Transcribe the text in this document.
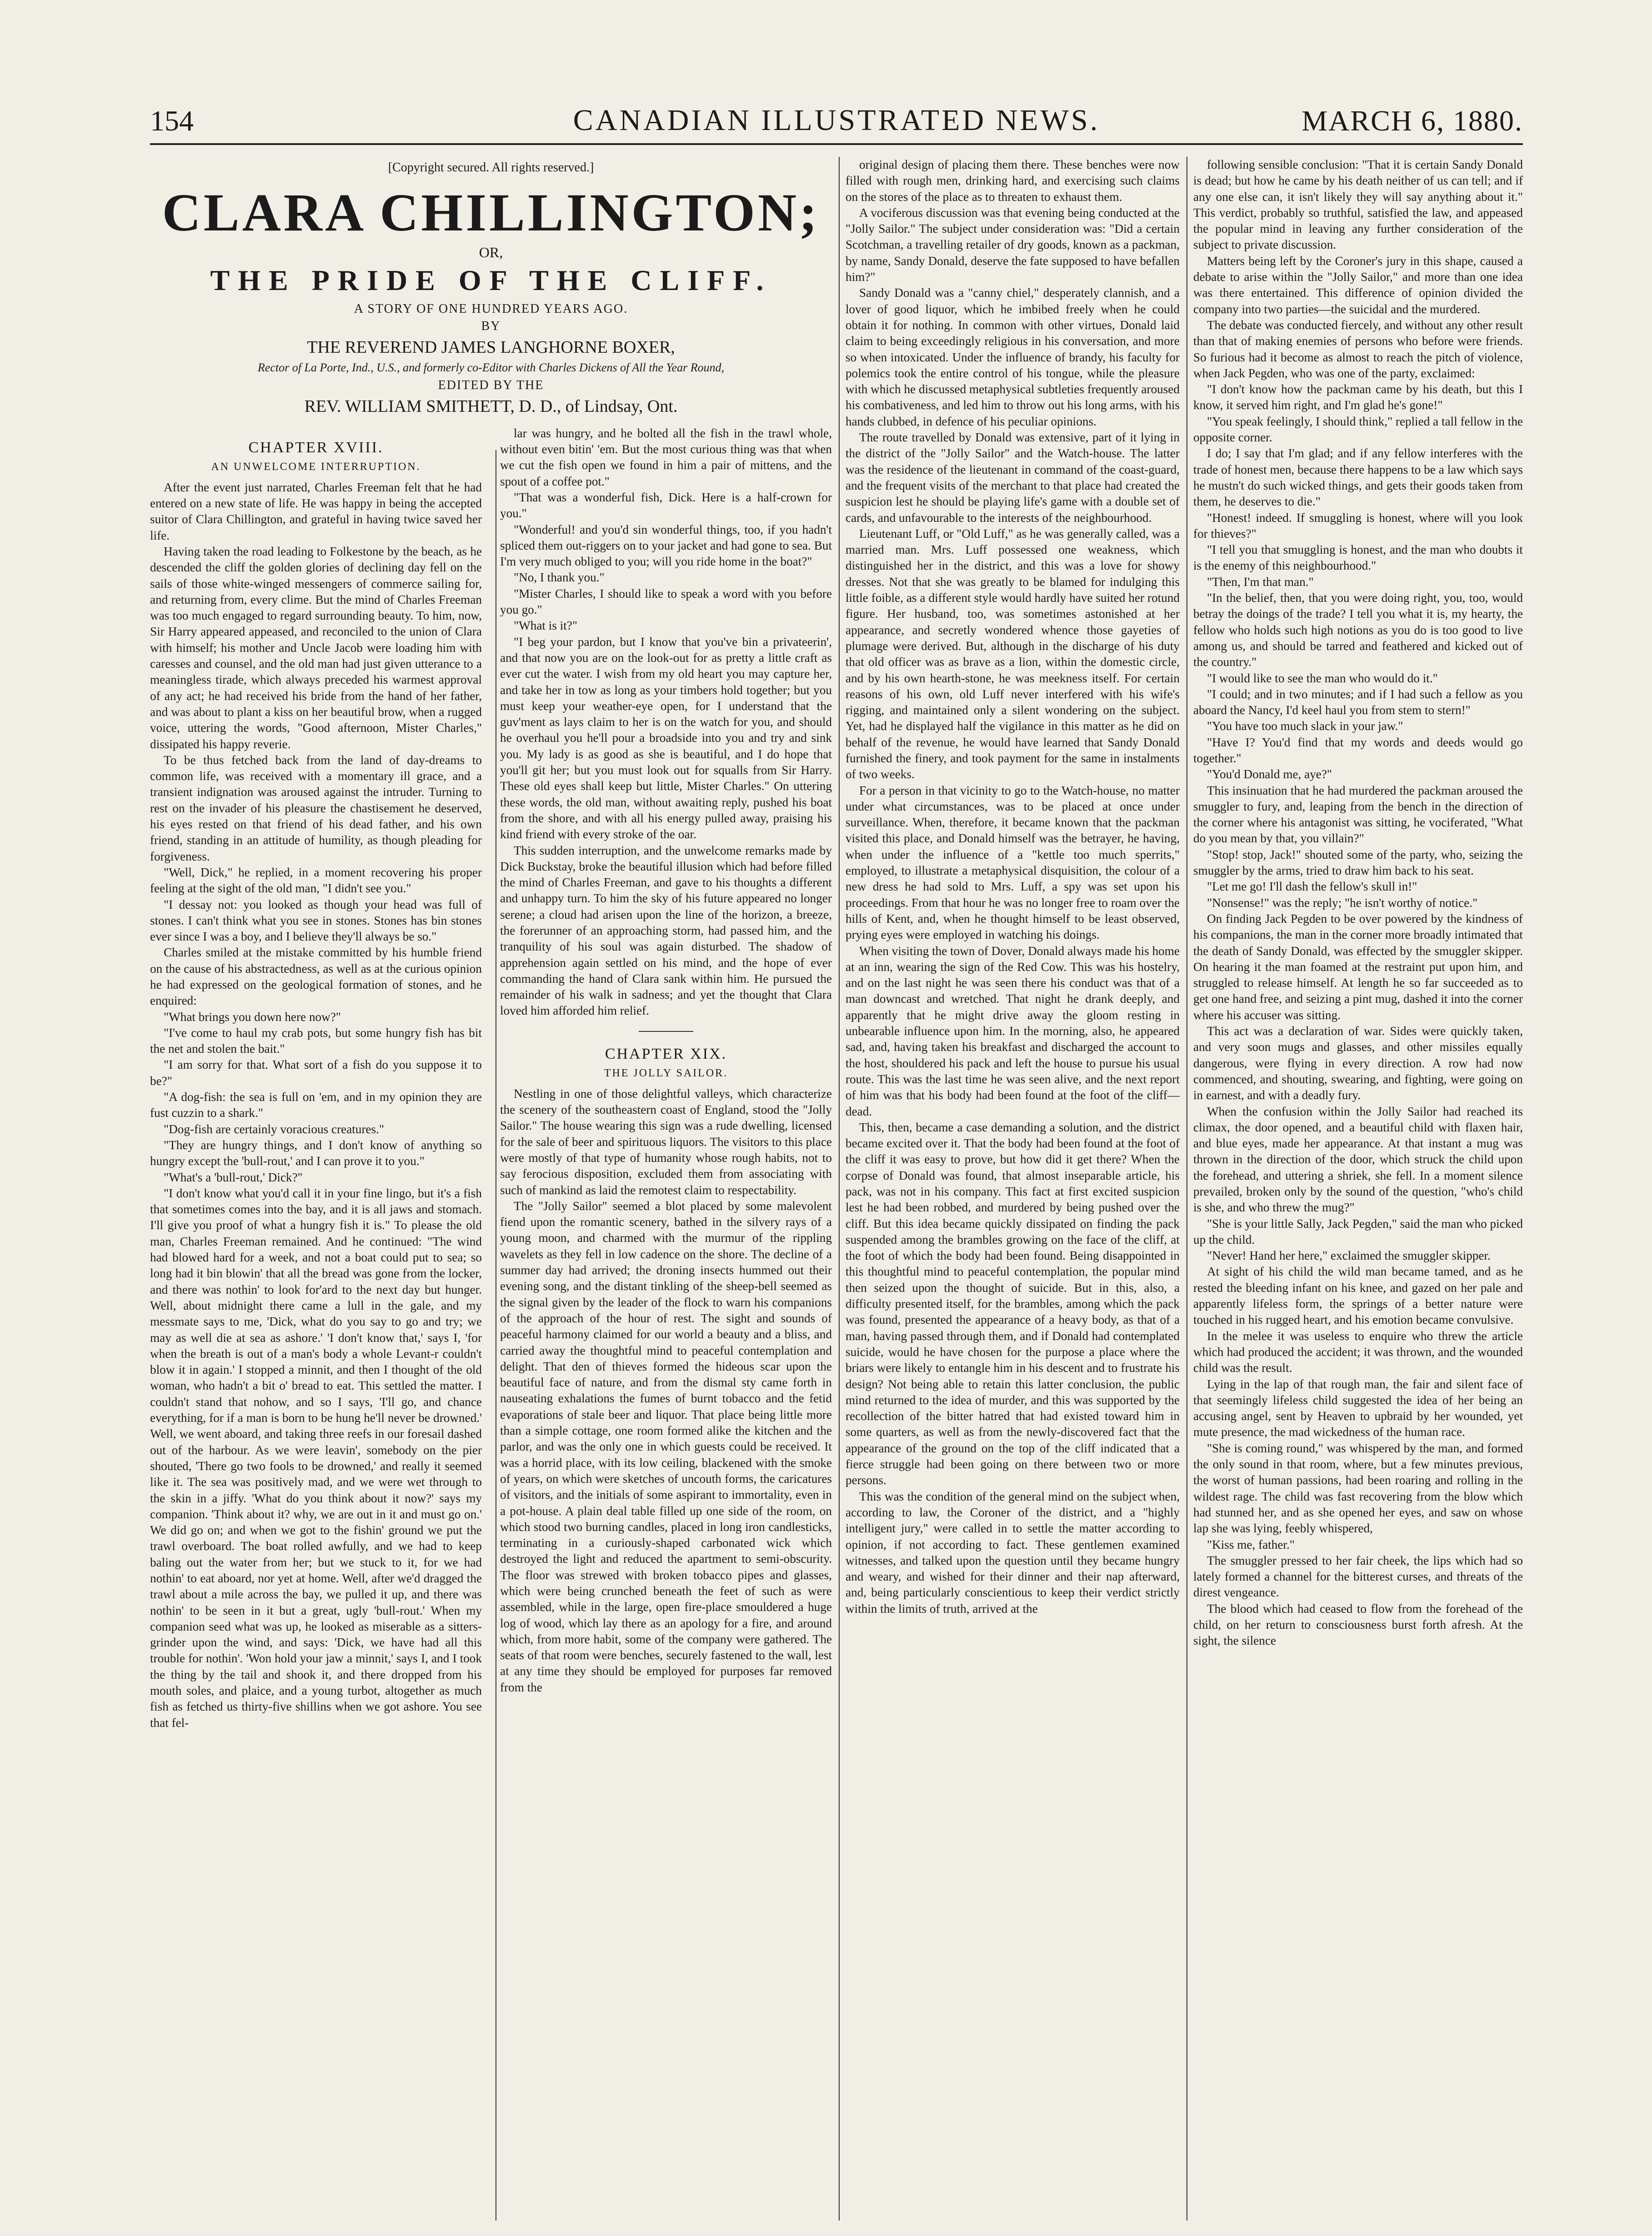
154	CANADIAN ILLUSTRATED NEWS.	MARCH 6, 1880.
[Copyright secured. All rights reserved.]
CLARA CHILLINGTON;
OR,
THE PRIDE OF THE CLIFF.
A STORY OF ONE HUNDRED YEARS AGO.
BY
THE REVEREND JAMES LANGHORNE BOXER,
Rector of La Porte, Ind., U.S., and formerly co-Editor with Charles Dickens of All the Year Round,
EDITED BY THE
REV. WILLIAM SMITHETT, D. D., of Lindsay, Ont.
CHAPTER XVIII.
AN UNWELCOME INTERRUPTION.

After the event just narrated, Charles Freeman felt that he had entered on a new state of life. He was happy in being the accepted suitor of Clara Chillington, and grateful in having twice saved her life.

Having taken the road leading to Folkestone by the beach, as he descended the cliff the golden glories of declining day fell on the sails of those white-winged messengers of commerce sailing for, and returning from, every clime. But the mind of Charles Freeman was too much engaged to regard surrounding beauty. To him, now, Sir Harry appeared appeased, and reconciled to the union of Clara with himself; his mother and Uncle Jacob were loading him with caresses and counsel, and the old man had just given utterance to a meaningless tirade, which always preceded his warmest approval of any act; he had received his bride from the hand of her father, and was about to plant a kiss on her beautiful brow, when a rugged voice, uttering the words, "Good afternoon, Mister Charles," dissipated his happy reverie.

To be thus fetched back from the land of day-dreams to common life, was received with a momentary ill grace, and a transient indignation was aroused against the intruder. Turning to rest on the invader of his pleasure the chastisement he deserved, his eyes rested on that friend of his dead father, and his own friend, standing in an attitude of humility, as though pleading for forgiveness.

"Well, Dick," he replied, in a moment recovering his proper feeling at the sight of the old man, "I didn't see you."

"I dessay not: you looked as though your head was full of stones. I can't think what you see in stones. Stones has bin stones ever since I was a boy, and I believe they'll always be so."

Charles smiled at the mistake committed by his humble friend on the cause of his abstractedness, as well as at the curious opinion he had expressed on the geological formation of stones, and he enquired:

"What brings you down here now?"

"I've come to haul my crab pots, but some hungry fish has bit the net and stolen the bait."

"I am sorry for that. What sort of a fish do you suppose it to be?"

"A dog-fish: the sea is full on 'em, and in my opinion they are fust cuzzin to a shark."

"Dog-fish are certainly voracious creatures."

"They are hungry things, and I don't know of anything so hungry except the 'bull-rout,' and I can prove it to you."

"What's a 'bull-rout,' Dick?"

"I don't know what you'd call it in your fine lingo, but it's a fish that sometimes comes into the bay, and it is all jaws and stomach. I'll give you proof of what a hungry fish it is." To please the old man, Charles Freeman remained. And he continued: "The wind had blowed hard for a week, and not a boat could put to sea; so long had it bin blowin' that all the bread was gone from the locker, and there was nothin' to look for'ard to the next day but hunger. Well, about midnight there came a lull in the gale, and my messmate says to me, 'Dick, what do you say to go and try; we may as well die at sea as ashore.' 'I don't know that,' says I, 'for when the breath is out of a man's body a whole Levant-r couldn't blow it in again.' I stopped a minnit, and then I thought of the old woman, who hadn't a bit o' bread to eat. This settled the matter. I couldn't stand that nohow, and so I says, 'I'll go, and chance everything, for if a man is born to be hung he'll never be drowned.' Well, we went aboard, and taking three reefs in our foresail dashed out of the harbour. As we were leavin', somebody on the pier shouted, 'There go two fools to be drowned,' and really it seemed like it. The sea was positively mad, and we were wet through to the skin in a jiffy. 'What do you think about it now?' says my companion. 'Think about it? why, we are out in it and must go on.' We did go on; and when we got to the fishin' ground we put the trawl overboard. The boat rolled awfully, and we had to keep baling out the water from her; but we stuck to it, for we had nothin' to eat aboard, nor yet at home. Well, after we'd dragged the trawl about a mile across the bay, we pulled it up, and there was nothin' to be seen in it but a great, ugly 'bull-rout.' When my companion seed what was up, he looked as miserable as a sitters-grinder upon the wind, and says: 'Dick, we have had all this trouble for nothin'. 'Won hold your jaw a minnit,' says I, and I took the thing by the tail and shook it, and there dropped from his mouth soles, and plaice, and a young turbot, altogether as much fish as fetched us thirty-five shillins when we got ashore. You see that fel-

lar was hungry, and he bolted all the fish in the trawl whole, without even bitin' 'em. But the most curious thing was that when we cut the fish open we found in him a pair of mittens, and the spout of a coffee pot."

"That was a wonderful fish, Dick. Here is a half-crown for you."

"Wonderful! and you'd sin wonderful things, too, if you hadn't spliced them out-riggers on to your jacket and had gone to sea. But I'm very much obliged to you; will you ride home in the boat?"

"No, I thank you."

"Mister Charles, I should like to speak a word with you before you go."

"What is it?"

"I beg your pardon, but I know that you've bin a privateerin', and that now you are on the look-out for as pretty a little craft as ever cut the water. I wish from my old heart you may capture her, and take her in tow as long as your timbers hold together; but you must keep your weather-eye open, for I understand that the guv'ment as lays claim to her is on the watch for you, and should he overhaul you he'll pour a broadside into you and try and sink you. My lady is as good as she is beautiful, and I do hope that you'll git her; but you must look out for squalls from Sir Harry. These old eyes shall keep but little, Mister Charles." On uttering these words, the old man, without awaiting reply, pushed his boat from the shore, and with all his energy pulled away, praising his kind friend with every stroke of the oar.

This sudden interruption, and the unwelcome remarks made by Dick Buckstay, broke the beautiful illusion which had before filled the mind of Charles Freeman, and gave to his thoughts a different and unhappy turn. To him the sky of his future appeared no longer serene; a cloud had arisen upon the line of the horizon, a breeze, the forerunner of an approaching storm, had passed him, and the tranquility of his soul was again disturbed. The shadow of apprehension again settled on his mind, and the hope of ever commanding the hand of Clara sank within him. He pursued the remainder of his walk in sadness; and yet the thought that Clara loved him afforded him relief.

CHAPTER XIX.
THE JOLLY SAILOR.

Nestling in one of those delightful valleys, which characterize the scenery of the southeastern coast of England, stood the "Jolly Sailor." The house wearing this sign was a rude dwelling, licensed for the sale of beer and spirituous liquors. The visitors to this place were mostly of that type of humanity whose rough habits, not to say ferocious disposition, excluded them from associating with such of mankind as laid the remotest claim to respectability.

The "Jolly Sailor" seemed a blot placed by some malevolent fiend upon the romantic scenery, bathed in the silvery rays of a young moon, and charmed with the murmur of the rippling wavelets as they fell in low cadence on the shore. The decline of a summer day had arrived; the droning insects hummed out their evening song, and the distant tinkling of the sheep-bell seemed as the signal given by the leader of the flock to warn his companions of the approach of the hour of rest. The sight and sounds of peaceful harmony claimed for our world a beauty and a bliss, and carried away the thoughtful mind to peaceful contemplation and delight. That den of thieves formed the hideous scar upon the beautiful face of nature, and from the dismal sty came forth in nauseating exhalations the fumes of burnt tobacco and the fetid evaporations of stale beer and liquor. That place being little more than a simple cottage, one room formed alike the kitchen and the parlor, and was the only one in which guests could be received. It was a horrid place, with its low ceiling, blackened with the smoke of years, on which were sketches of uncouth forms, the caricatures of visitors, and the initials of some aspirant to immortality, even in a pot-house. A plain deal table filled up one side of the room, on which stood two burning candles, placed in long iron candlesticks, terminating in a curiously-shaped carbonated wick which destroyed the light and reduced the apartment to semi-obscurity. The floor was strewed with broken tobacco pipes and glasses, which were being crunched beneath the feet of such as were assembled, while in the large, open fire-place smouldered a huge log of wood, which lay there as an apology for a fire, and around which, from more habit, some of the company were gathered. The seats of that room were benches, securely fastened to the wall, lest at any time they should be employed for purposes far removed from the

original design of placing them there. These benches were now filled with rough men, drinking hard, and exercising such claims on the stores of the place as to threaten to exhaust them.

A vociferous discussion was that evening being conducted at the "Jolly Sailor." The subject under consideration was: "Did a certain Scotchman, a travelling retailer of dry goods, known as a packman, by name, Sandy Donald, deserve the fate supposed to have befallen him?"

Sandy Donald was a "canny chiel," desperately clannish, and a lover of good liquor, which he imbibed freely when he could obtain it for nothing. In common with other virtues, Donald laid claim to being exceedingly religious in his conversation, and more so when intoxicated. Under the influence of brandy, his faculty for polemics took the entire control of his tongue, while the pleasure with which he discussed metaphysical subtleties frequently aroused his combativeness, and led him to throw out his long arms, with his hands clubbed, in defence of his peculiar opinions.

The route travelled by Donald was extensive, part of it lying in the district of the "Jolly Sailor" and the Watch-house. The latter was the residence of the lieutenant in command of the coast-guard, and the frequent visits of the merchant to that place had created the suspicion lest he should be playing life's game with a double set of cards, and unfavourable to the interests of the neighbourhood.

Lieutenant Luff, or "Old Luff," as he was generally called, was a married man. Mrs. Luff possessed one weakness, which distinguished her in the district, and this was a love for showy dresses. Not that she was greatly to be blamed for indulging this little foible, as a different style would hardly have suited her rotund figure. Her husband, too, was sometimes astonished at her appearance, and secretly wondered whence those gayeties of plumage were derived. But, although in the discharge of his duty that old officer was as brave as a lion, within the domestic circle, and by his own hearth-stone, he was meekness itself. For certain reasons of his own, old Luff never interfered with his wife's rigging, and maintained only a silent wondering on the subject. Yet, had he displayed half the vigilance in this matter as he did on behalf of the revenue, he would have learned that Sandy Donald furnished the finery, and took payment for the same in instalments of two weeks.

For a person in that vicinity to go to the Watch-house, no matter under what circumstances, was to be placed at once under surveillance. When, therefore, it became known that the packman visited this place, and Donald himself was the betrayer, he having, when under the influence of a "kettle too much sperrits," employed, to illustrate a metaphysical disquisition, the colour of a new dress he had sold to Mrs. Luff, a spy was set upon his proceedings. From that hour he was no longer free to roam over the hills of Kent, and, when he thought himself to be least observed, prying eyes were employed in watching his doings.

When visiting the town of Dover, Donald always made his home at an inn, wearing the sign of the Red Cow. This was his hostelry, and on the last night he was seen there his conduct was that of a man downcast and wretched. That night he drank deeply, and apparently that he might drive away the gloom resting in unbearable influence upon him. In the morning, also, he appeared sad, and, having taken his breakfast and discharged the account to the host, shouldered his pack and left the house to pursue his usual route. This was the last time he was seen alive, and the next report of him was that his body had been found at the foot of the cliff—dead.

This, then, became a case demanding a solution, and the district became excited over it. That the body had been found at the foot of the cliff it was easy to prove, but how did it get there? When the corpse of Donald was found, that almost inseparable article, his pack, was not in his company. This fact at first excited suspicion lest he had been robbed, and murdered by being pushed over the cliff. But this idea became quickly dissipated on finding the pack suspended among the brambles growing on the face of the cliff, at the foot of which the body had been found. Being disappointed in this thoughtful mind to peaceful contemplation, the popular mind then seized upon the thought of suicide. But in this, also, a difficulty presented itself, for the brambles, among which the pack was found, presented the appearance of a heavy body, as that of a man, having passed through them, and if Donald had contemplated suicide, would he have chosen for the purpose a place where the briars were likely to entangle him in his descent and to frustrate his design? Not being able to retain this latter conclusion, the public mind returned to the idea of murder, and this was supported by the recollection of the bitter hatred that had existed toward him in some quarters, as well as from the newly-discovered fact that the appearance of the ground on the top of the cliff indicated that a fierce struggle had been going on there between two or more persons.

This was the condition of the general mind on the subject when, according to law, the Coroner of the district, and a "highly intelligent jury," were called in to settle the matter according to opinion, if not according to fact. These gentlemen examined witnesses, and talked upon the question until they became hungry and weary, and wished for their dinner and their nap afterward, and, being particularly conscientious to keep their verdict strictly within the limits of truth, arrived at the

following sensible conclusion: "That it is certain Sandy Donald is dead; but how he came by his death neither of us can tell; and if any one else can, it isn't likely they will say anything about it." This verdict, probably so truthful, satisfied the law, and appeased the popular mind in leaving any further consideration of the subject to private discussion.

Matters being left by the Coroner's jury in this shape, caused a debate to arise within the "Jolly Sailor," and more than one idea was there entertained. This difference of opinion divided the company into two parties—the suicidal and the murdered.

The debate was conducted fiercely, and without any other result than that of making enemies of persons who before were friends. So furious had it become as almost to reach the pitch of violence, when Jack Pegden, who was one of the party, exclaimed:

"I don't know how the packman came by his death, but this I know, it served him right, and I'm glad he's gone!"

"You speak feelingly, I should think," replied a tall fellow in the opposite corner.

I do; I say that I'm glad; and if any fellow interferes with the trade of honest men, because there happens to be a law which says he mustn't do such wicked things, and gets their goods taken from them, he deserves to die."

"Honest! indeed. If smuggling is honest, where will you look for thieves?"

"I tell you that smuggling is honest, and the man who doubts it is the enemy of this neighbourhood."

"Then, I'm that man."

"In the belief, then, that you were doing right, you, too, would betray the doings of the trade? I tell you what it is, my hearty, the fellow who holds such high notions as you do is too good to live among us, and should be tarred and feathered and kicked out of the country."

"I would like to see the man who would do it."

"I could; and in two minutes; and if I had such a fellow as you aboard the Nancy, I'd keel haul you from stem to stern!"

"You have too much slack in your jaw."

"Have I? You'd find that my words and deeds would go together."

"You'd Donald me, aye?"

This insinuation that he had murdered the packman aroused the smuggler to fury, and, leaping from the bench in the direction of the corner where his antagonist was sitting, he vociferated, "What do you mean by that, you villain?"

"Stop! stop, Jack!" shouted some of the party, who, seizing the smuggler by the arms, tried to draw him back to his seat.

"Let me go! I'll dash the fellow's skull in!"

"Nonsense!" was the reply; "he isn't worthy of notice."

On finding Jack Pegden to be over powered by the kindness of his companions, the man in the corner more broadly intimated that the death of Sandy Donald, was effected by the smuggler skipper. On hearing it the man foamed at the restraint put upon him, and struggled to release himself. At length he so far succeeded as to get one hand free, and seizing a pint mug, dashed it into the corner where his accuser was sitting.

This act was a declaration of war. Sides were quickly taken, and very soon mugs and glasses, and other missiles equally dangerous, were flying in every direction. A row had now commenced, and shouting, swearing, and fighting, were going on in earnest, and with a deadly fury.

When the confusion within the Jolly Sailor had reached its climax, the door opened, and a beautiful child with flaxen hair, and blue eyes, made her appearance. At that instant a mug was thrown in the direction of the door, which struck the child upon the forehead, and uttering a shriek, she fell. In a moment silence prevailed, broken only by the sound of the question, "who's child is she, and who threw the mug?"

"She is your little Sally, Jack Pegden," said the man who picked up the child.

"Never! Hand her here," exclaimed the smuggler skipper.

At sight of his child the wild man became tamed, and as he rested the bleeding infant on his knee, and gazed on her pale and apparently lifeless form, the springs of a better nature were touched in his rugged heart, and his emotion became convulsive.

In the melee it was useless to enquire who threw the article which had produced the accident; it was thrown, and the wounded child was the result.

Lying in the lap of that rough man, the fair and silent face of that seemingly lifeless child suggested the idea of her being an accusing angel, sent by Heaven to upbraid by her wounded, yet mute presence, the mad wickedness of the human race.

"She is coming round," was whispered by the man, and formed the only sound in that room, where, but a few minutes previous, the worst of human passions, had been roaring and rolling in the wildest rage. The child was fast recovering from the blow which had stunned her, and as she opened her eyes, and saw on whose lap she was lying, feebly whispered,

"Kiss me, father."

The smuggler pressed to her fair cheek, the lips which had so lately formed a channel for the bitterest curses, and threats of the direst vengeance.

The blood which had ceased to flow from the forehead of the child, on her return to consciousness burst forth afresh. At the sight, the silence
